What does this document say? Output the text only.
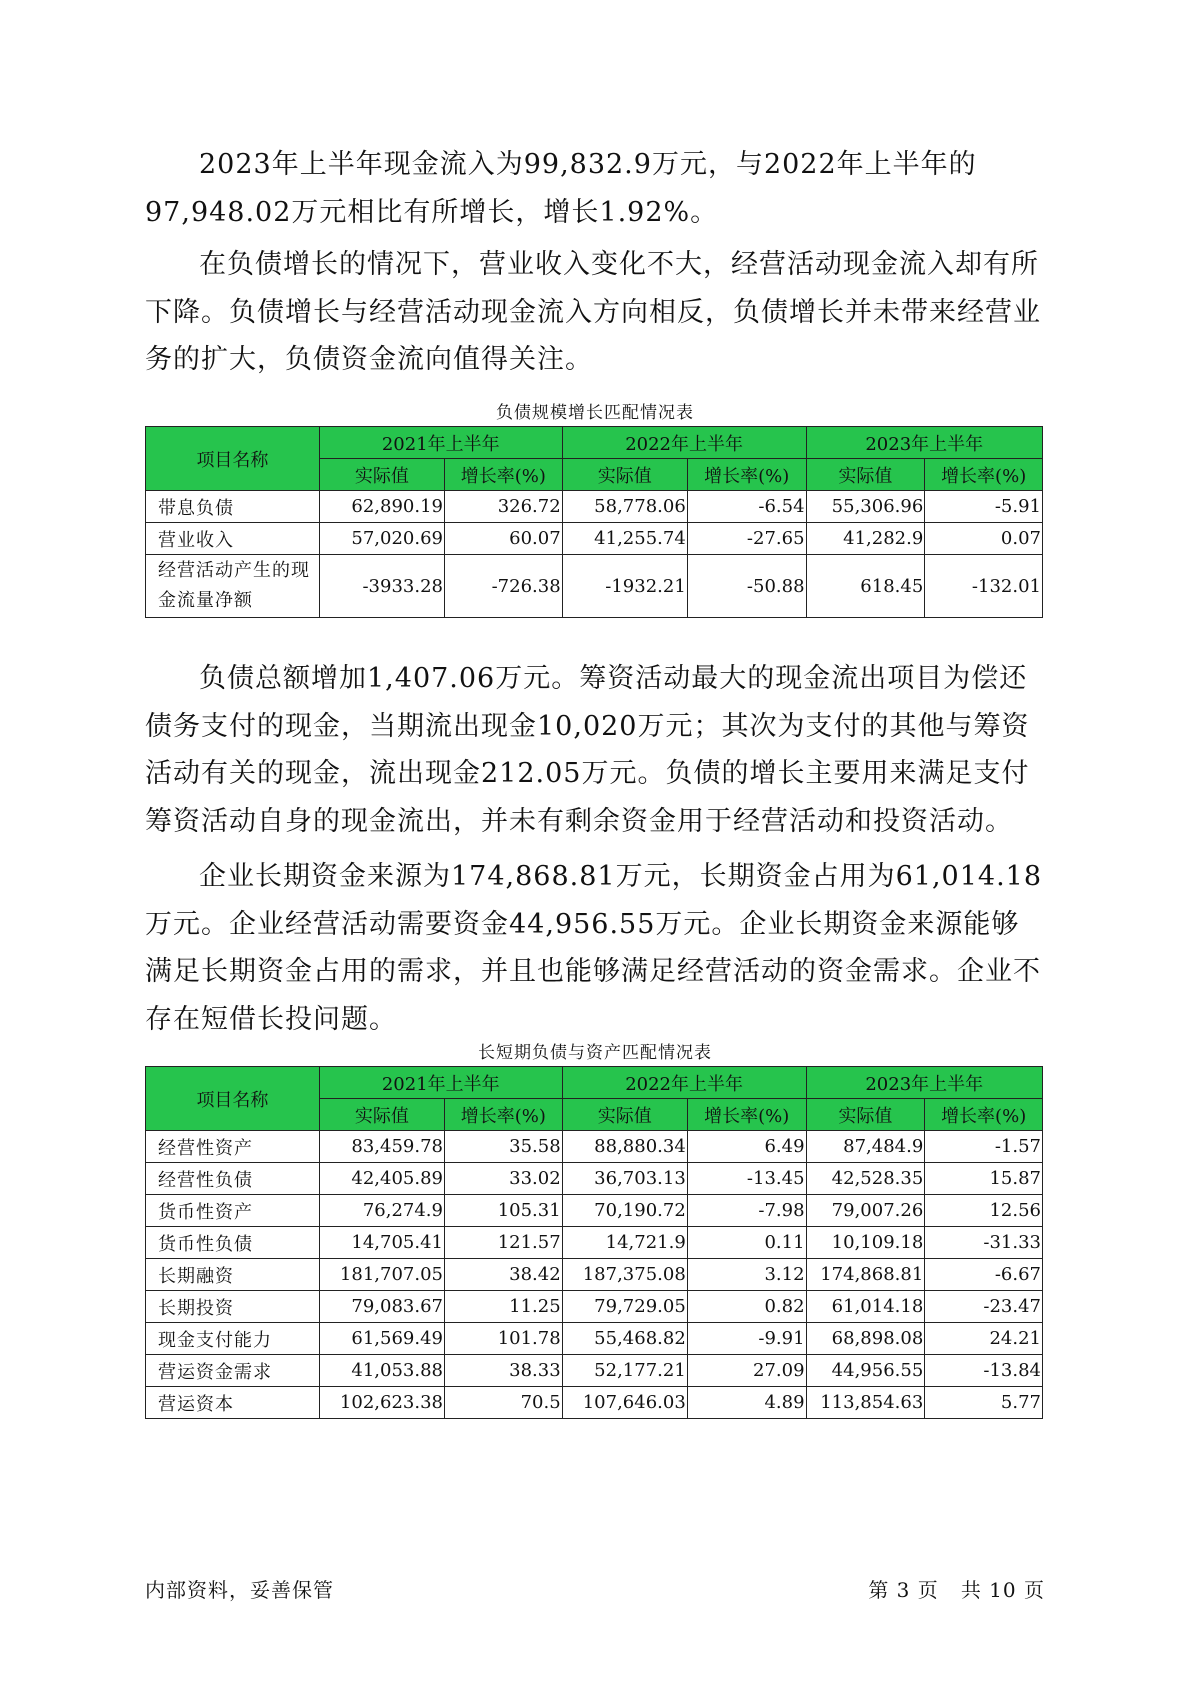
2023年上半年现金流入为99,832.9万元，与2022年上半年的97,948.02万元相比有所增长，增长1.92%。

在负债增长的情况下，营业收入变化不大，经营活动现金流入却有所下降。负债增长与经营活动现金流入方向相反，负债增长并未带来经营业务的扩大，负债资金流向值得关注。

负债规模增长匹配情况表
项目名称	2021年上半年		2022年上半年		2023年上半年	
	实际值	增长率(%)	实际值	增长率(%)	实际值	增长率(%)
带息负债	62,890.19	326.72	58,778.06	-6.54	55,306.96	-5.91
营业收入	57,020.69	60.07	41,255.74	-27.65	41,282.9	0.07
经营活动产生的现金流量净额	-3933.28	-726.38	-1932.21	-50.88	618.45	-132.01

负债总额增加1,407.06万元。筹资活动最大的现金流出项目为偿还债务支付的现金，当期流出现金10,020万元；其次为支付的其他与筹资活动有关的现金，流出现金212.05万元。负债的增长主要用来满足支付筹资活动自身的现金流出，并未有剩余资金用于经营活动和投资活动。

企业长期资金来源为174,868.81万元，长期资金占用为61,014.18万元。企业经营活动需要资金44,956.55万元。企业长期资金来源能够满足长期资金占用的需求，并且也能够满足经营活动的资金需求。企业不存在短借长投问题。

长短期负债与资产匹配情况表
项目名称	2021年上半年		2022年上半年		2023年上半年	
	实际值	增长率(%)	实际值	增长率(%)	实际值	增长率(%)
经营性资产	83,459.78	35.58	88,880.34	6.49	87,484.9	-1.57
经营性负债	42,405.89	33.02	36,703.13	-13.45	42,528.35	15.87
货币性资产	76,274.9	105.31	70,190.72	-7.98	79,007.26	12.56
货币性负债	14,705.41	121.57	14,721.9	0.11	10,109.18	-31.33
长期融资	181,707.05	38.42	187,375.08	3.12	174,868.81	-6.67
长期投资	79,083.67	11.25	79,729.05	0.82	61,014.18	-23.47
现金支付能力	61,569.49	101.78	55,468.82	-9.91	68,898.08	24.21
营运资金需求	41,053.88	38.33	52,177.21	27.09	44,956.55	-13.84
营运资本	102,623.38	70.5	107,646.03	4.89	113,854.63	5.77
内部资料，妥善保管	第 3 页   共 10 页
